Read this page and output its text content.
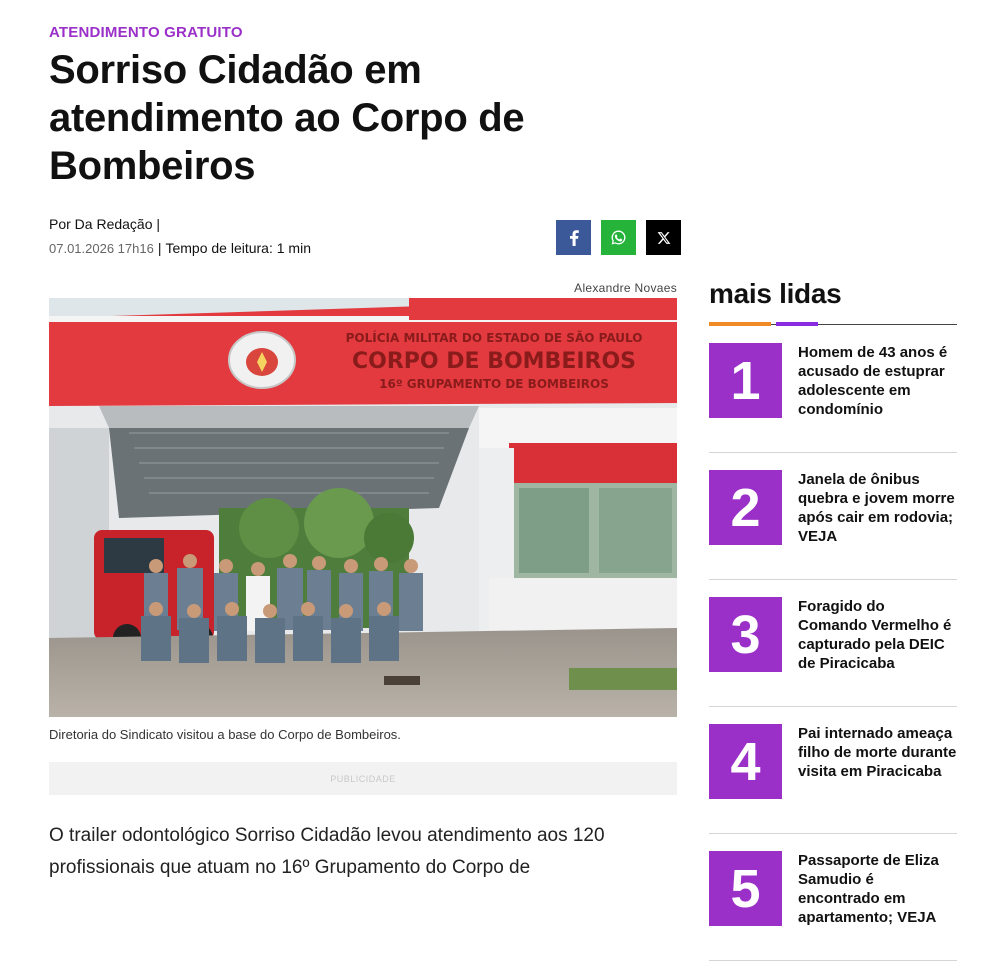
ATENDIMENTO GRATUITO
Sorriso Cidadão em atendimento ao Corpo de Bombeiros
Por Da Redação |
07.01.2026 17h16 | Tempo de leitura: 1 min
Alexandre Novaes
POLÍCIA MILITAR DO ESTADO DE SÃO PAULO
CORPO DE BOMBEIROS
16º GRUPAMENTO DE BOMBEIROS
Diretoria do Sindicato visitou a base do Corpo de Bombeiros.
PUBLICIDADE

O trailer odontológico Sorriso Cidadão levou atendimento aos 120

profissionais que atuam no 16º Grupamento do Corpo de

mais lidas
1	Homem de 43 anos é acusado de estuprar adolescente em condomínio
2	Janela de ônibus quebra e jovem morre após cair em rodovia; VEJA
3	Foragido do Comando Vermelho é capturado pela DEIC de Piracicaba
4	Pai internado ameaça filho de morte durante visita em Piracicaba
5	Passaporte de Eliza Samudio é encontrado em apartamento; VEJA
